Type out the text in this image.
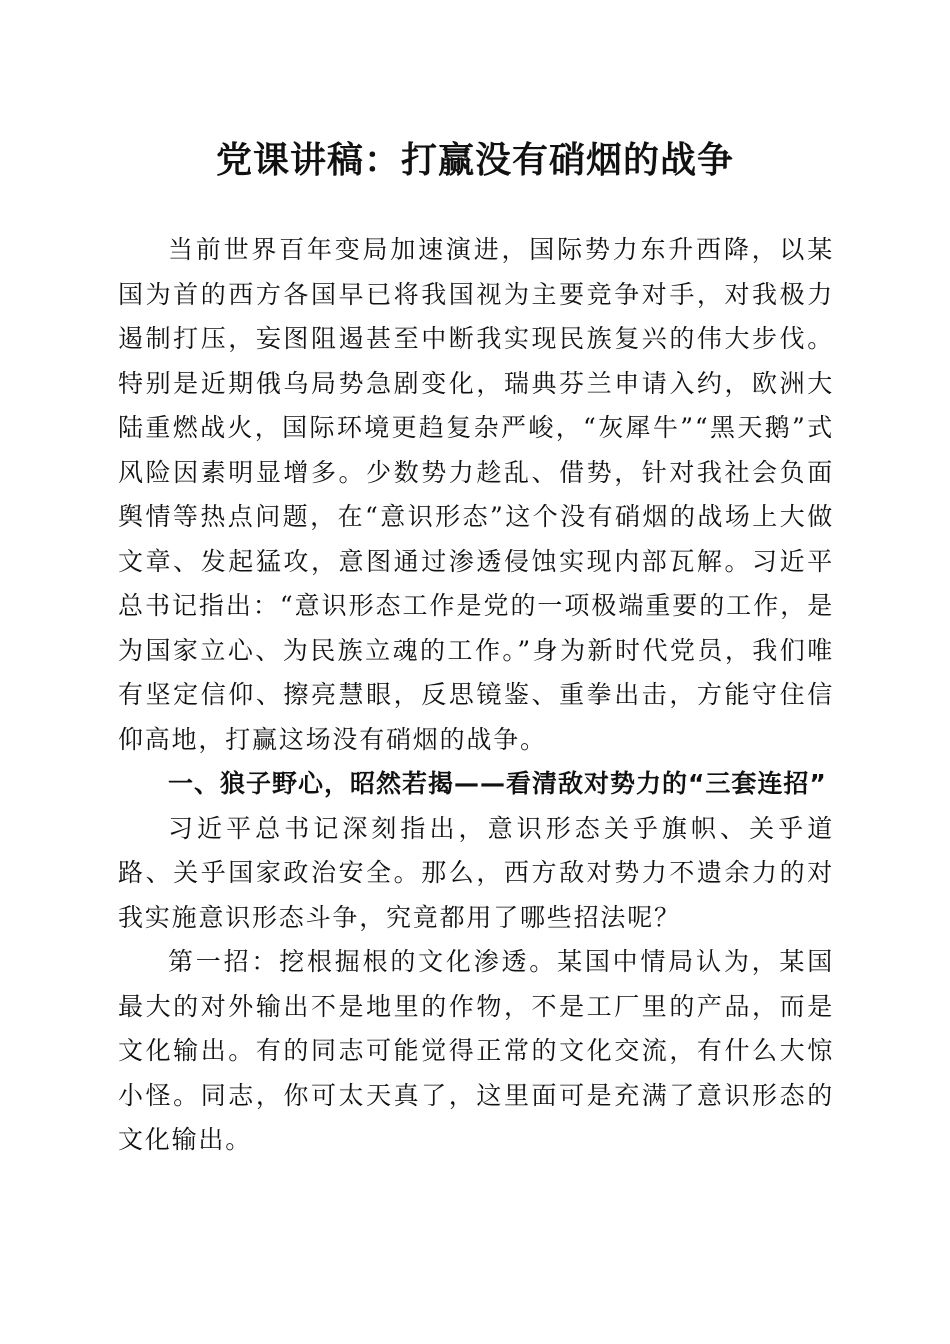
党课讲稿：打赢没有硝烟的战争

当前世界百年变局加速演进，国际势力东升西降，以某国为首的西方各国早已将我国视为主要竞争对手，对我极力遏制打压，妄图阻遏甚至中断我实现民族复兴的伟大步伐。特别是近期俄乌局势急剧变化，瑞典芬兰申请入约，欧洲大陆重燃战火，国际环境更趋复杂严峻，“灰犀牛”“黑天鹅”式风险因素明显增多。少数势力趁乱、借势，针对我社会负面舆情等热点问题，在“意识形态”这个没有硝烟的战场上大做文章、发起猛攻，意图通过渗透侵蚀实现内部瓦解。习近平总书记指出：“意识形态工作是党的一项极端重要的工作，是为国家立心、为民族立魂的工作。”身为新时代党员，我们唯有坚定信仰、擦亮慧眼，反思镜鉴、重拳出击，方能守住信仰高地，打赢这场没有硝烟的战争。

一、狼子野心，昭然若揭——看清敌对势力的“三套连招”

习近平总书记深刻指出，意识形态关乎旗帜、关乎道路、关乎国家政治安全。那么，西方敌对势力不遗余力的对我实施意识形态斗争，究竟都用了哪些招法呢？

第一招：挖根掘根的文化渗透。某国中情局认为，某国最大的对外输出不是地里的作物，不是工厂里的产品，而是文化输出。有的同志可能觉得正常的文化交流，有什么大惊小怪。同志，你可太天真了，这里面可是充满了意识形态的文化输出。
